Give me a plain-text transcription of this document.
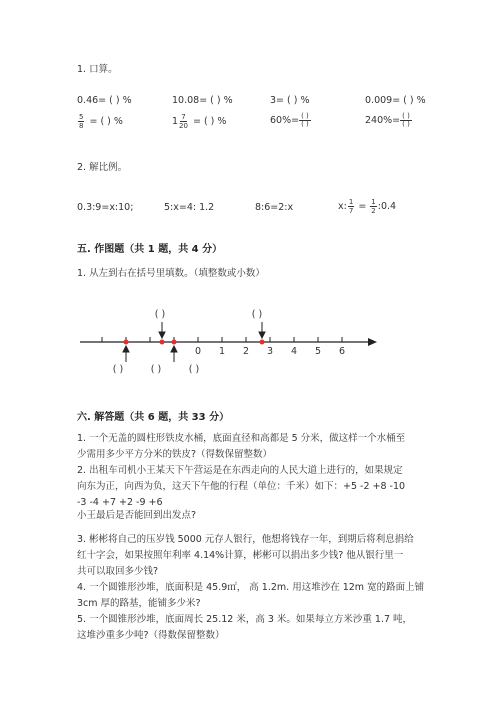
1. 口算。
0.46= ( ) %	10.08= ( ) %	3= ( ) %	0.009= ( ) %
$\frac{5}{8}$ = ( ) %	$1 \frac{7}{20}$ = ( ) %	$60\%= \frac{( )}{( )}$	$240\%= \frac{( )}{( )}$
2. 解比例。
0.3:9=x:10;	5:x=4: 1.2	8:6=2:x	x: $\frac{1}{7} = \frac{1}{2}$ :0.4
五. 作图题（共 1 题，共 4 分）
1. 从左到右在括号里填数。（填整数或小数）
0 1 2 3 4 5 6
( )	( )
( )	( )	( )
六. 解答题（共 6 题，共 33 分）

1. 一个无盖的圆柱形铁皮水桶，底面直径和高都是 5 分米，做这样一个水桶至

少需用多少平方分米的铁皮?（得数保留整数）

2. 出租车司机小王某天下午营运是在东西走向的人民大道上进行的，如果规定

向东为正，向西为负，这天下午他的行程（单位：千米）如下：+5 -2 +8 -10

-3 -4 +7 +2 -9 +6

小王最后是否能回到出发点?

3. 彬彬将自己的压岁钱 5000 元存人银行，他想将钱存一年，到期后将利息捐给

红十字会，如果按照年利率 4.14%计算，彬彬可以捐出多少钱? 他从银行里一

共可以取回多少钱?

4. 一个圆锥形沙堆，底面积是 45.9㎡， 高 1.2m. 用这堆沙在 12m 宽的路面上铺

3cm 厚的路基，能铺多少米?

5. 一个圆锥形沙堆，底面周长 25.12 米，高 3 米。如果每立方米沙重 1.7 吨，

这堆沙重多少吨?（得数保留整数）
